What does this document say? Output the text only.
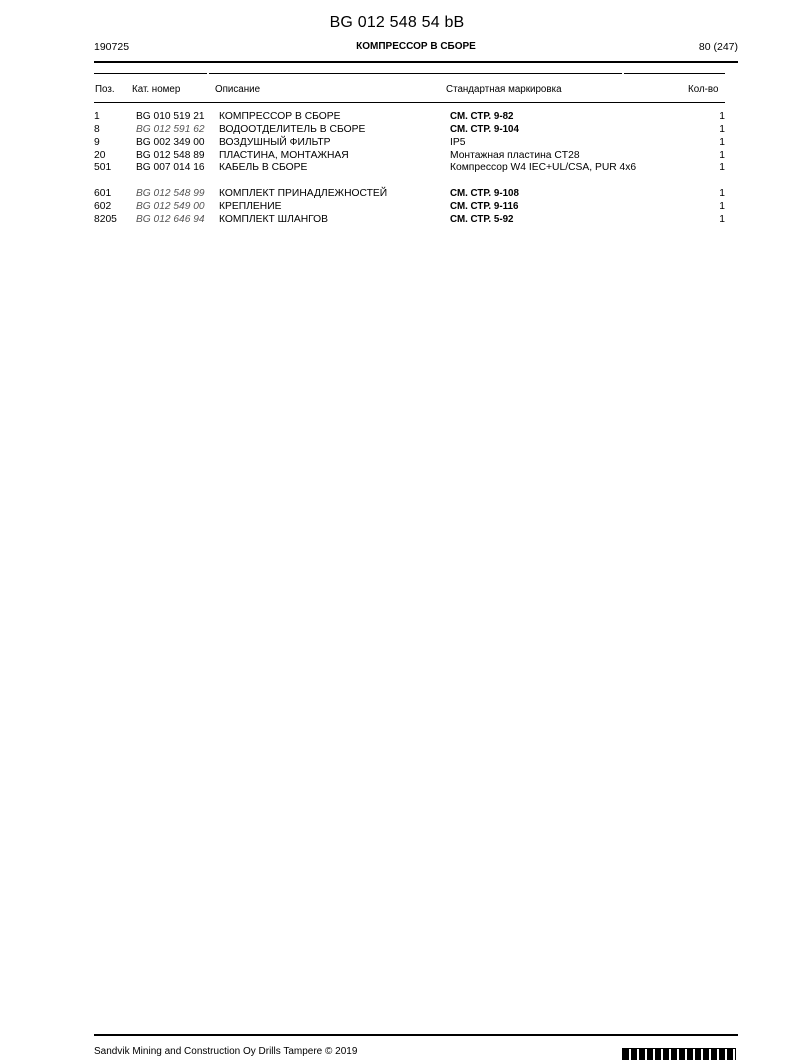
BG 012 548 54 bB
190725	КОМПРЕССОР В СБОРЕ	80 (247)
Поз. Кат. номер	Описание	Стандартная маркировка	Кол-во
1	BG 010 519 21 КОМПРЕССОР В СБОРЕ	СМ. СТР. 9-82	1
8	BG 012 591 62 ВОДООТДЕЛИТЕЛЬ В СБОРЕ	СМ. СТР. 9-104	1
9	BG 002 349 00 ВОЗДУШНЫЙ ФИЛЬТР	IP5	1
20	BG 012 548 89 ПЛАСТИНА, МОНТАЖНАЯ	Монтажная пластина CT28	1
501 BG 007 014 16 КАБЕЛЬ В СБОРЕ	Компрессор W4 IEC+UL/CSA, PUR 4x6	1
601 BG 012 548 99 КОМПЛЕКТ ПРИНАДЛЕЖНОСТЕЙ	СМ. СТР. 9-108	1
602 BG 012 549 00 КРЕПЛЕНИЕ	СМ. СТР. 9-116	1
8205 BG 012 646 94 КОМПЛЕКТ ШЛАНГОВ	СМ. СТР. 5-92	1
Sandvik Mining and Construction Oy Drills Tampere © 2019
